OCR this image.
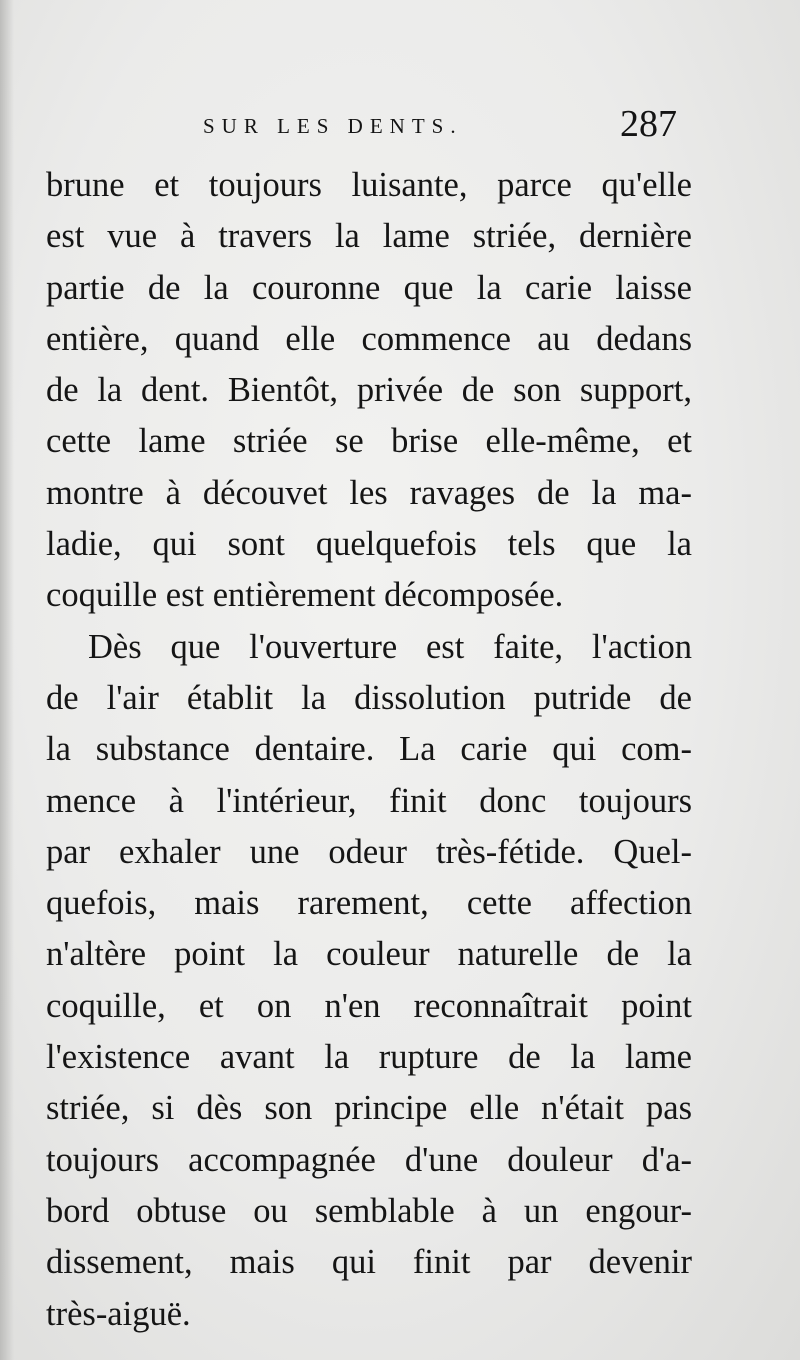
SUR LES DENTS.	287
brune et toujours luisante, parce qu'elle
est vue à travers la lame striée, dernière
partie de la couronne que la carie laisse
entière, quand elle commence au dedans
de la dent. Bientôt, privée de son support,
cette lame striée se brise elle-même, et
montre à découvet les ravages de la ma-
ladie, qui sont quelquefois tels que la
coquille est entièrement décomposée.
Dès que l'ouverture est faite, l'action
de l'air établit la dissolution putride de
la substance dentaire. La carie qui com-
mence à l'intérieur, finit donc toujours
par exhaler une odeur très-fétide. Quel-
quefois, mais rarement, cette affection
n'altère point la couleur naturelle de la
coquille, et on n'en reconnaîtrait point
l'existence avant la rupture de la lame
striée, si dès son principe elle n'était pas
toujours accompagnée d'une douleur d'a-
bord obtuse ou semblable à un engour-
dissement, mais qui finit par devenir
très-aiguë.
